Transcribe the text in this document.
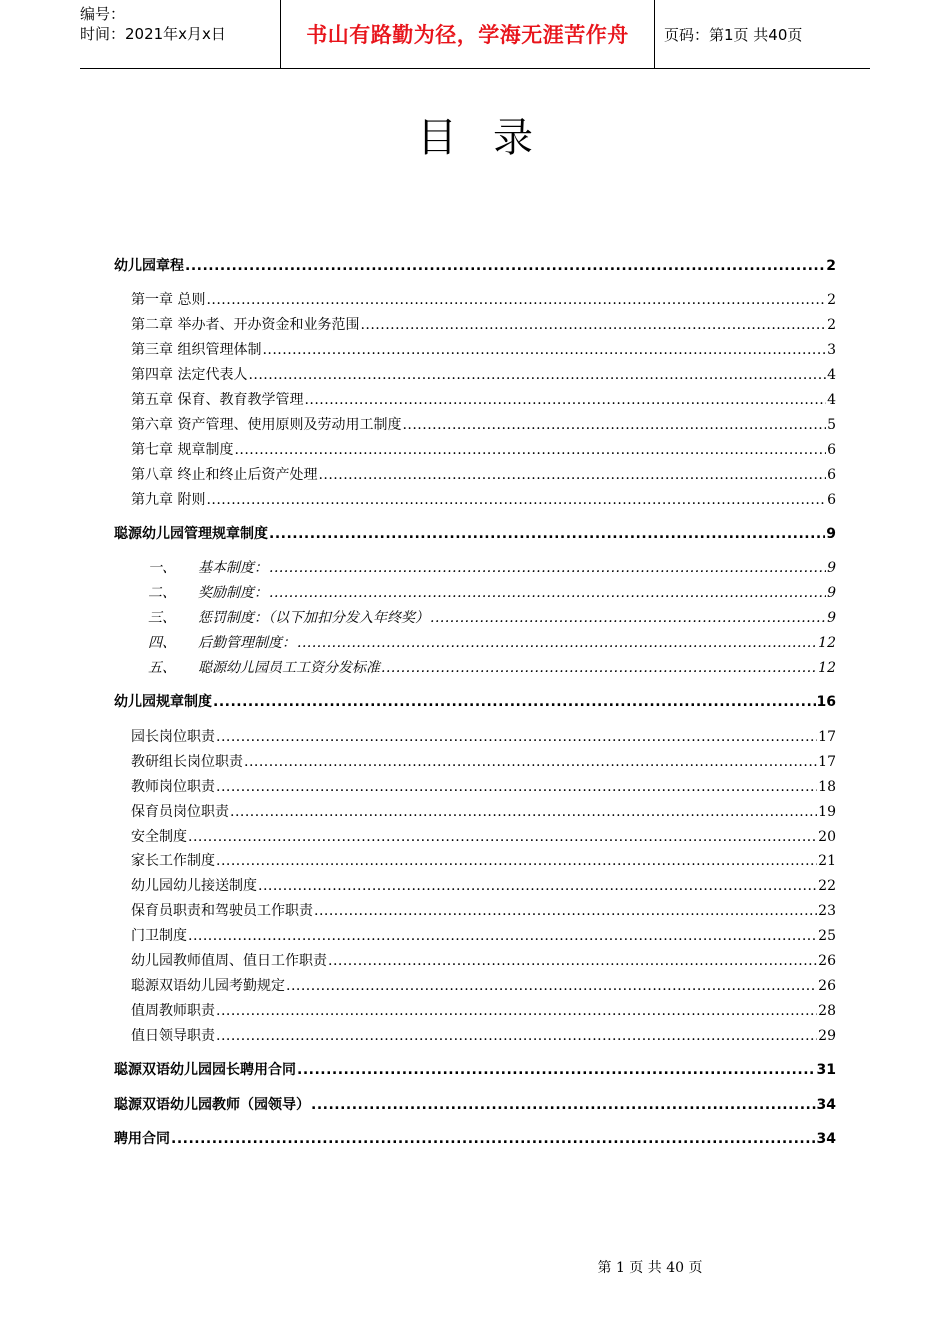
编号：
时间：2021年x月x日	书山有路勤为径，学海无涯苦作舟 页码：第1页 共40页
目录
幼儿园章程 .....	2
第一章 总则 .....	2
第二章 举办者、开办资金和业务范围 .....	2
第三章 组织管理体制 .....	3
第四章 法定代表人 .....	4
第五章 保育、教育教学管理 .....	4
第六章 资产管理、使用原则及劳动用工制度 .....	5
第七章 规章制度 .....	6
第八章 终止和终止后资产处理 .....	6
第九章 附则 .....	6
聪源幼儿园管理规章制度 .....	9
一、 基本制度： .....	9
二、 奖励制度： .....	9
三、 惩罚制度：（以下加扣分发入年终奖） .....	9
四、 后勤管理制度： .....	12
五、 聪源幼儿园员工工资分发标准 .....	12
幼儿园规章制度 .....	16
园长岗位职责 .....	17
教研组长岗位职责 .....	17
教师岗位职责 .....	18
保育员岗位职责 .....	19
安全制度 .....	20
家长工作制度 .....	21
幼儿园幼儿接送制度 .....	22
保育员职责和驾驶员工作职责 .....	23
门卫制度 .....	25
幼儿园教师值周、值日工作职责 .....	26
聪源双语幼儿园考勤规定 .....	26
值周教师职责 .....	28
值日领导职责 .....	29
聪源双语幼儿园园长聘用合同 .....	31
聪源双语幼儿园教师（园领导） .....	34
聘用合同 .....	34
第 1 页 共 40 页
